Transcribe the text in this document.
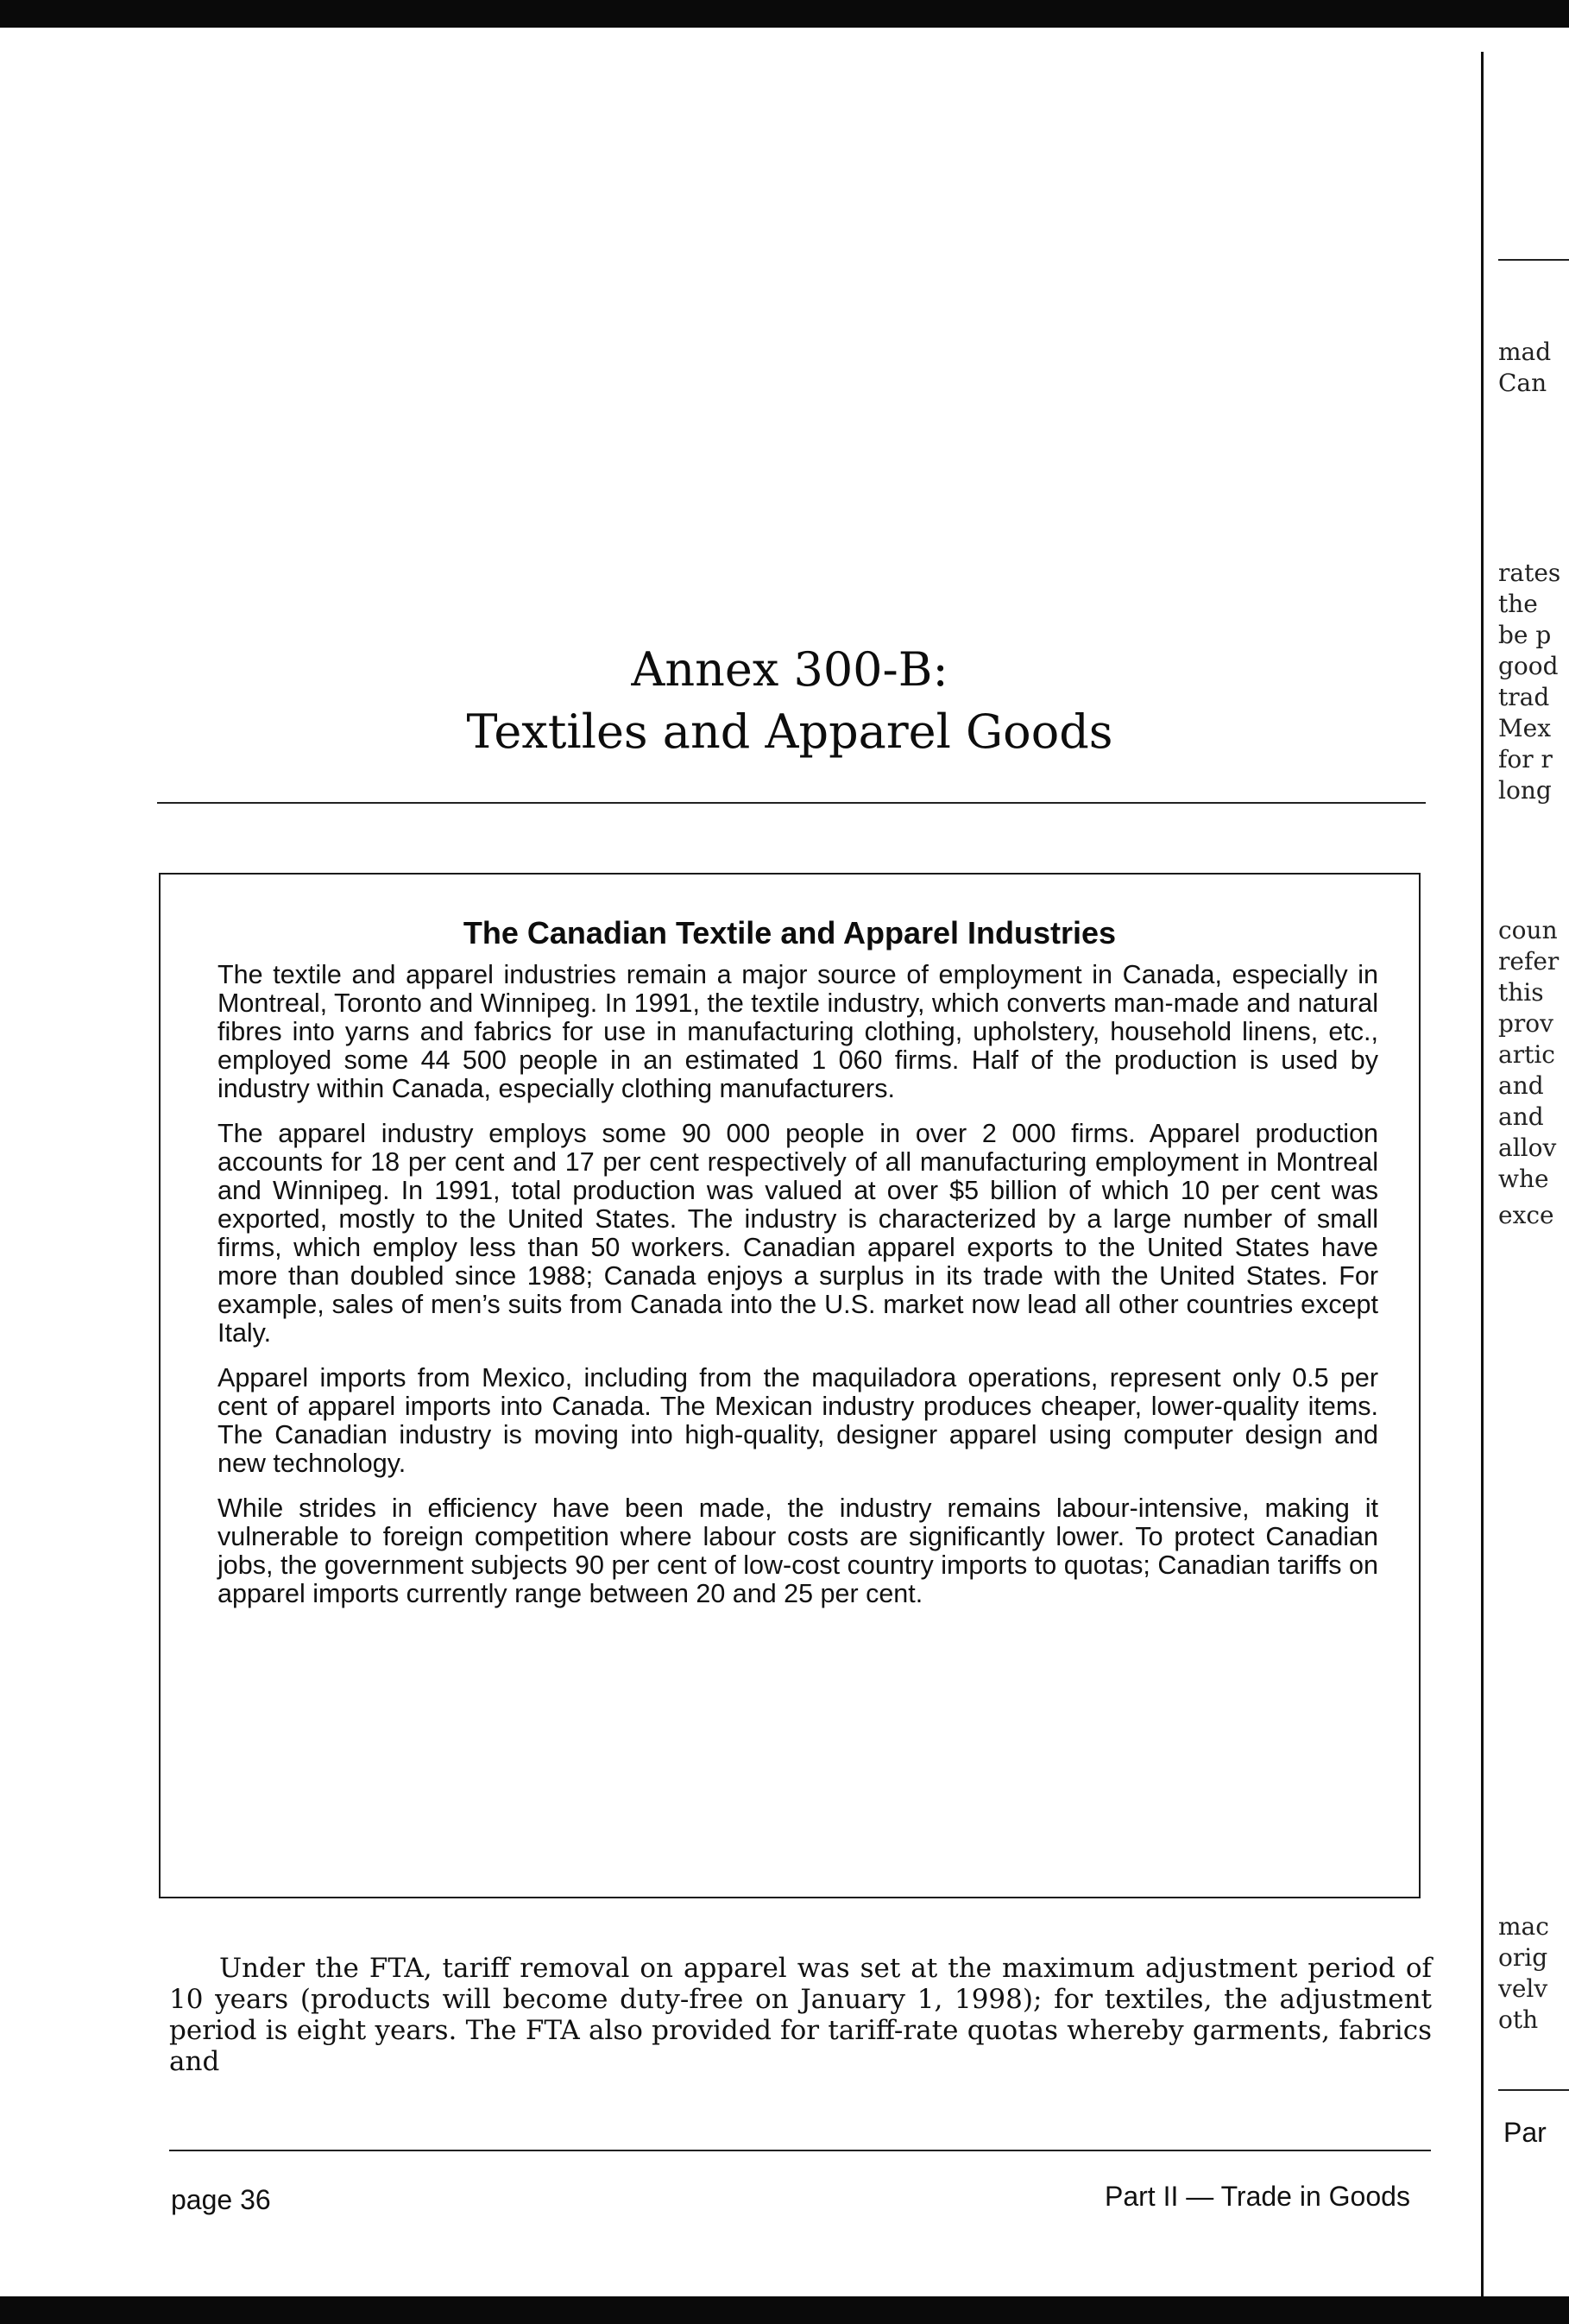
Annex 300-B:
Textiles and Apparel Goods
The Canadian Textile and Apparel Industries

The textile and apparel industries remain a major source of employment in Canada, especially in Montreal, Toronto and Winnipeg. In 1991, the textile industry, which converts man-made and natural fibres into yarns and fabrics for use in manufacturing clothing, upholstery, household linens, etc., employed some 44 500 people in an estimated 1 060 firms. Half of the production is used by industry within Canada, especially clothing manufacturers.

The apparel industry employs some 90 000 people in over 2 000 firms. Apparel production accounts for 18 per cent and 17 per cent respectively of all manufacturing employment in Montreal and Winnipeg. In 1991, total production was valued at over $5 billion of which 10 per cent was exported, mostly to the United States. The industry is characterized by a large number of small firms, which employ less than 50 workers. Canadian apparel exports to the United States have more than doubled since 1988; Canada enjoys a surplus in its trade with the United States. For example, sales of men’s suits from Canada into the U.S. market now lead all other countries except Italy.

Apparel imports from Mexico, including from the maquiladora operations, represent only 0.5 per cent of apparel imports into Canada. The Mexican industry produces cheaper, lower-quality items. The Canadian industry is moving into high-quality, designer apparel using computer design and new technology.

While strides in efficiency have been made, the industry remains labour-intensive, making it vulnerable to foreign competition where labour costs are significantly lower. To protect Canadian jobs, the government subjects 90 per cent of low-cost country imports to quotas; Canadian tariffs on apparel imports currently range between 20 and 25 per cent.

Under the FTA, tariff removal on apparel was set at the maximum adjustment period of 10 years (products will become duty-free on January 1, 1998); for textiles, the adjustment period is eight years. The FTA also provided for tariff-rate quotas whereby garments, fabrics and

page 36	Part II — Trade in Goods
mad
Can
rates
the
be p
good
trad
Mex
for r
long
coun
refer
this
prov
artic
and
and
allov
whe
exce
mac
orig
velv
oth
Par
